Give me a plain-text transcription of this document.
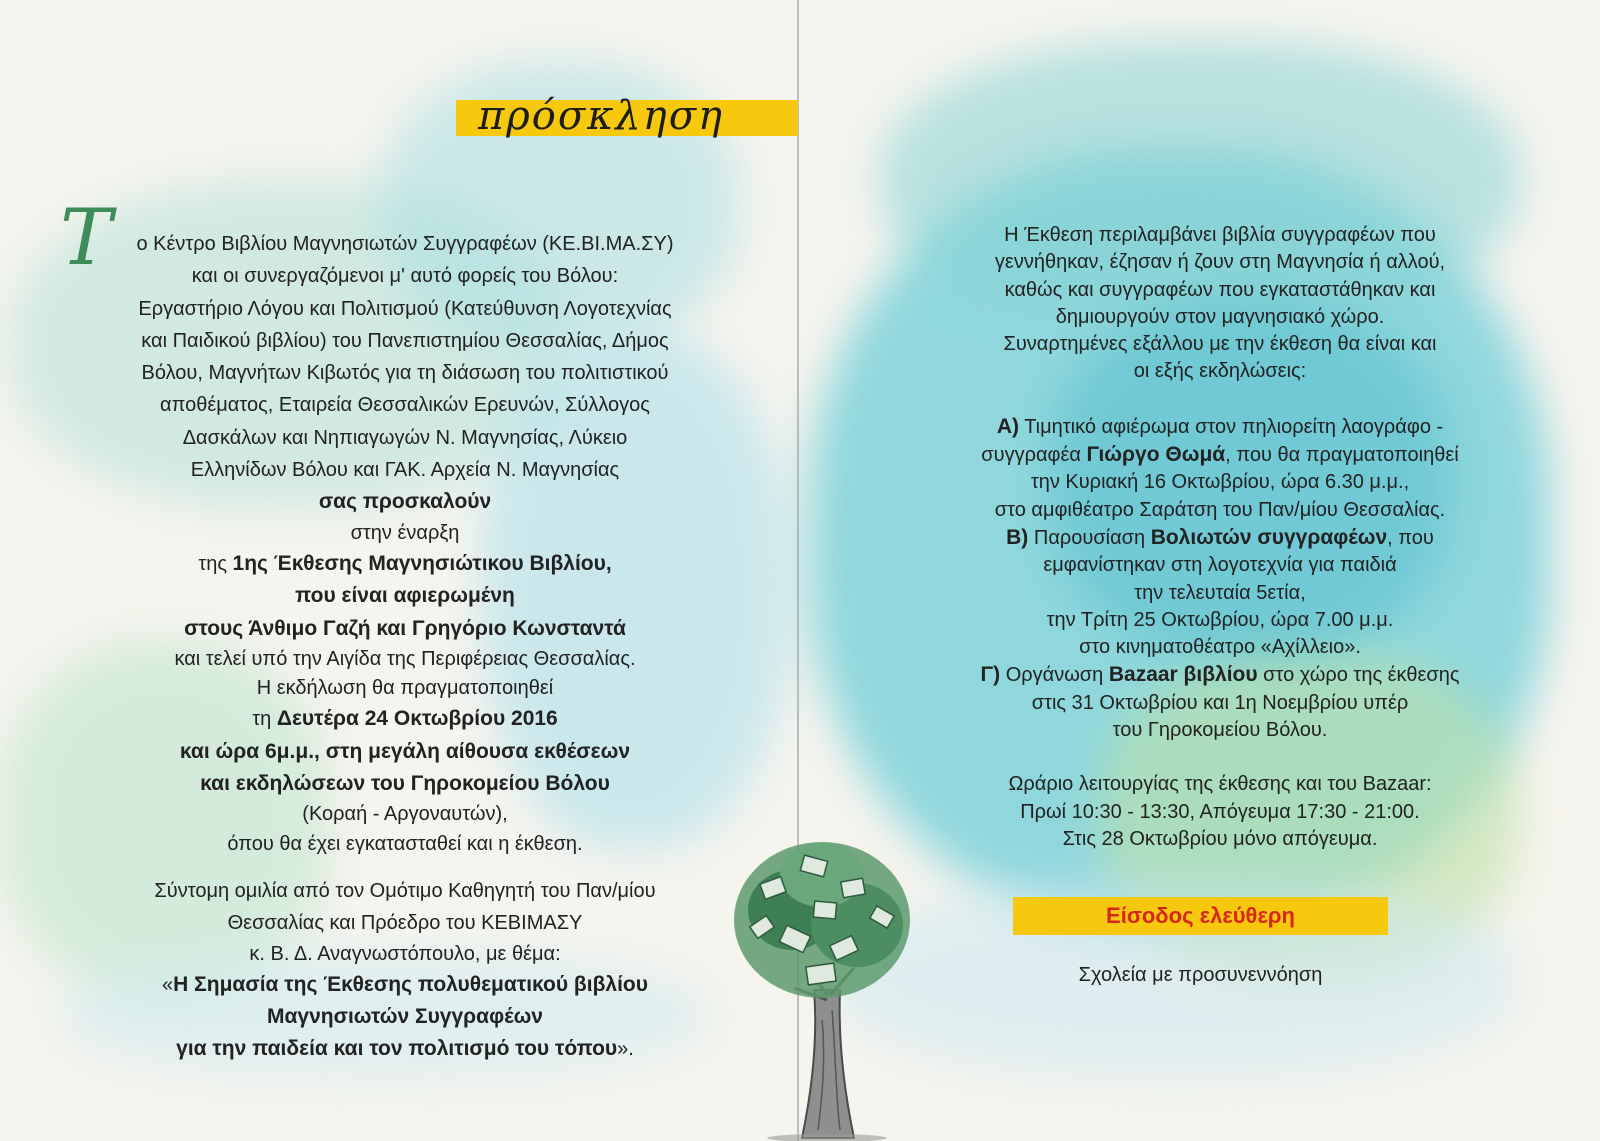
πρόσκληση
Τ	ο Κέντρο Βιβλίου Μαγνησιωτών Συγγραφέων (ΚΕ.ΒΙ.ΜΑ.ΣΥ)
και οι συνεργαζόμενοι μ' αυτό φορείς του Βόλου:
Εργαστήριο Λόγου και Πολιτισμού (Κατεύθυνση Λογοτεχνίας
και Παιδικού βιβλίου) του Πανεπιστημίου Θεσσαλίας, Δήμος
Βόλου, Μαγνήτων Κιβωτός για τη διάσωση του πολιτιστικού
αποθέματος, Εταιρεία Θεσσαλικών Ερευνών, Σύλλογος
Δασκάλων και Νηπιαγωγών Ν. Μαγνησίας, Λύκειο
Ελληνίδων Βόλου και ΓΑΚ. Αρχεία Ν. Μαγνησίας
σας προσκαλούν
στην έναρξη
της 1ης Έκθεσης Μαγνησιώτικου Βιβλίου,
που είναι αφιερωμένη
στους Άνθιμο Γαζή και Γρηγόριο Κωνσταντά
και τελεί υπό την Αιγίδα της Περιφέρειας Θεσσαλίας.
Η εκδήλωση θα πραγματοποιηθεί
τη Δευτέρα 24 Οκτωβρίου 2016
και ώρα 6μ.μ., στη μεγάλη αίθουσα εκθέσεων
και εκδηλώσεων του Γηροκομείου Βόλου
(Κοραή - Αργοναυτών),
όπου θα έχει εγκατασταθεί και η έκθεση.
Σύντομη ομιλία από τον Ομότιμο Καθηγητή του Παν/μίου
Θεσσαλίας και Πρόεδρο του ΚΕΒΙΜΑΣΥ
κ. Β. Δ. Αναγνωστόπουλο, με θέμα:
«Η Σημασία της Έκθεσης πολυθεματικού βιβλίου
Μαγνησιωτών Συγγραφέων
για την παιδεία και τον πολιτισμό του τόπου».
Η Έκθεση περιλαμβάνει βιβλία συγγραφέων που
γεννήθηκαν, έζησαν ή ζουν στη Μαγνησία ή αλλού,
καθώς και συγγραφέων που εγκαταστάθηκαν και
δημιουργούν στον μαγνησιακό χώρο.
Συναρτημένες εξάλλου με την έκθεση θα είναι και
οι εξής εκδηλώσεις:
Α) Τιμητικό αφιέρωμα στον πηλιορείτη λαογράφο -
συγγραφέα Γιώργο Θωμά, που θα πραγματοποιηθεί
την Κυριακή 16 Οκτωβρίου, ώρα 6.30 μ.μ.,
στο αμφιθέατρο Σαράτση του Παν/μίου Θεσσαλίας.
Β) Παρουσίαση Βολιωτών συγγραφέων, που
εμφανίστηκαν στη λογοτεχνία για παιδιά
την τελευταία 5ετία,
την Τρίτη 25 Οκτωβρίου, ώρα 7.00 μ.μ.
στο κινηματοθέατρο «Αχίλλειο».
Γ) Οργάνωση Bazaar βιβλίου στο χώρο της έκθεσης
στις 31 Οκτωβρίου και 1η Νοεμβρίου υπέρ
του Γηροκομείου Βόλου.
Ωράριο λειτουργίας της έκθεσης και του Bazaar:
Πρωί 10:30 - 13:30, Απόγευμα 17:30 - 21:00.
Στις 28 Οκτωβρίου μόνο απόγευμα.
Είσοδος ελεύθερη
Σχολεία με προσυνεννόηση
